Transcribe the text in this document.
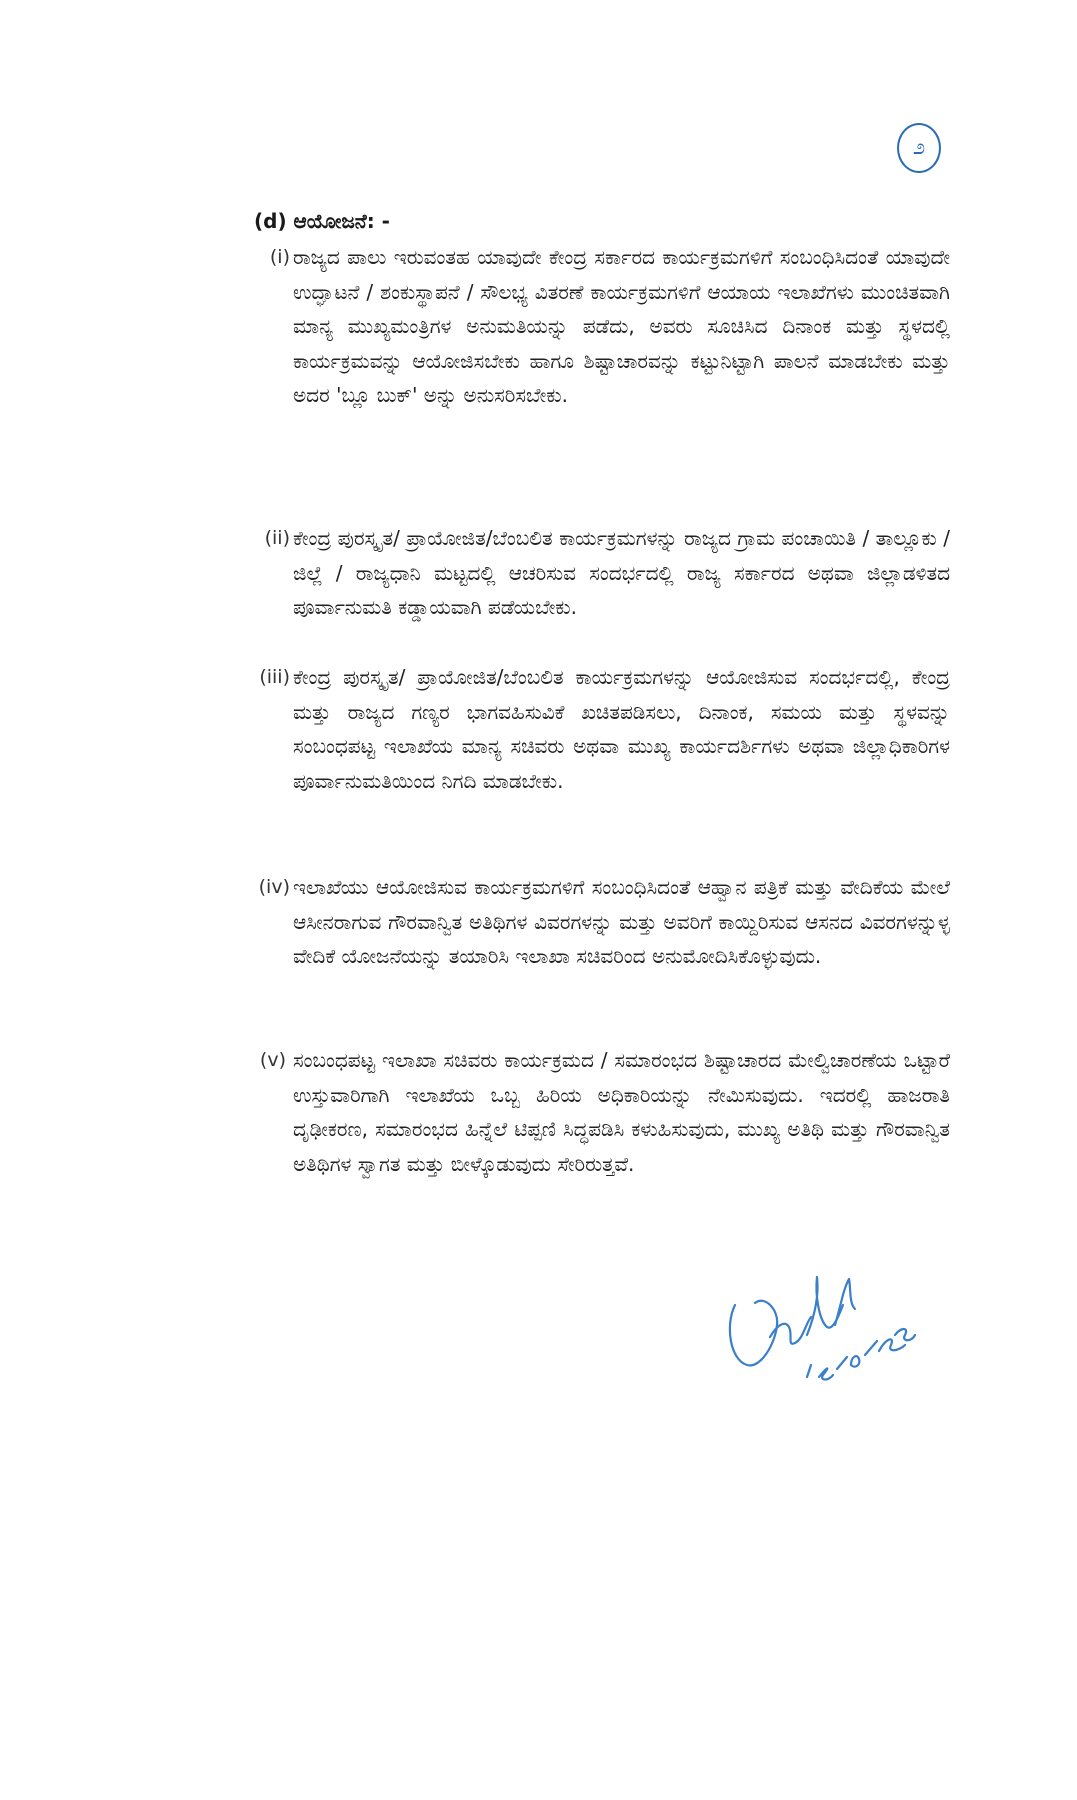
೨
(d) ಆಯೋಜನೆ: -
(i) ರಾಜ್ಯದ ಪಾಲು ಇರುವಂತಹ ಯಾವುದೇ ಕೇಂದ್ರ ಸರ್ಕಾರದ ಕಾರ್ಯಕ್ರಮಗಳಿಗೆ ಸಂಬಂಧಿಸಿದಂತೆ ಯಾವುದೇ ಉದ್ಘಾಟನೆ / ಶಂಕುಸ್ಥಾಪನೆ / ಸೌಲಭ್ಯ ವಿತರಣೆ ಕಾರ್ಯಕ್ರಮಗಳಿಗೆ ಆಯಾಯ ಇಲಾಖೆಗಳು ಮುಂಚಿತವಾಗಿ ಮಾನ್ಯ ಮುಖ್ಯಮಂತ್ರಿಗಳ ಅನುಮತಿಯನ್ನು ಪಡೆದು, ಅವರು ಸೂಚಿಸಿದ ದಿನಾಂಕ ಮತ್ತು ಸ್ಥಳದಲ್ಲಿ ಕಾರ್ಯಕ್ರಮವನ್ನು ಆಯೋಜಿಸಬೇಕು ಹಾಗೂ ಶಿಷ್ಟಾಚಾರವನ್ನು ಕಟ್ಟುನಿಟ್ಟಾಗಿ ಪಾಲನೆ ಮಾಡಬೇಕು ಮತ್ತು ಅದರ 'ಬ್ಲೂ ಬುಕ್' ಅನ್ನು ಅನುಸರಿಸಬೇಕು.
(ii) ಕೇಂದ್ರ ಪುರಸ್ಕೃತ/ ಪ್ರಾಯೋಜಿತ/ಬೆಂಬಲಿತ ಕಾರ್ಯಕ್ರಮಗಳನ್ನು ರಾಜ್ಯದ ಗ್ರಾಮ ಪಂಚಾಯಿತಿ / ತಾಲ್ಲೂಕು / ಜಿಲ್ಲೆ / ರಾಜ್ಯಧಾನಿ ಮಟ್ಟದಲ್ಲಿ ಆಚರಿಸುವ ಸಂದರ್ಭದಲ್ಲಿ ರಾಜ್ಯ ಸರ್ಕಾರದ ಅಥವಾ ಜಿಲ್ಲಾಡಳಿತದ ಪೂರ್ವಾನುಮತಿ ಕಡ್ಡಾಯವಾಗಿ ಪಡೆಯಬೇಕು.
(iii) ಕೇಂದ್ರ ಪುರಸ್ಕೃತ/ ಪ್ರಾಯೋಜಿತ/ಬೆಂಬಲಿತ ಕಾರ್ಯಕ್ರಮಗಳನ್ನು ಆಯೋಜಿಸುವ ಸಂದರ್ಭದಲ್ಲಿ, ಕೇಂದ್ರ ಮತ್ತು ರಾಜ್ಯದ ಗಣ್ಯರ ಭಾಗವಹಿಸುವಿಕೆ ಖಚಿತಪಡಿಸಲು, ದಿನಾಂಕ, ಸಮಯ ಮತ್ತು ಸ್ಥಳವನ್ನು ಸಂಬಂಧಪಟ್ಟ ಇಲಾಖೆಯ ಮಾನ್ಯ ಸಚಿವರು ಅಥವಾ ಮುಖ್ಯ ಕಾರ್ಯದರ್ಶಿಗಳು ಅಥವಾ ಜಿಲ್ಲಾಧಿಕಾರಿಗಳ ಪೂರ್ವಾನುಮತಿಯಿಂದ ನಿಗದಿ ಮಾಡಬೇಕು.
(iv) ಇಲಾಖೆಯು ಆಯೋಜಿಸುವ ಕಾರ್ಯಕ್ರಮಗಳಿಗೆ ಸಂಬಂಧಿಸಿದಂತೆ ಆಹ್ವಾನ ಪತ್ರಿಕೆ ಮತ್ತು ವೇದಿಕೆಯ ಮೇಲೆ ಆಸೀನರಾಗುವ ಗೌರವಾನ್ವಿತ ಅತಿಥಿಗಳ ವಿವರಗಳನ್ನು ಮತ್ತು ಅವರಿಗೆ ಕಾಯ್ದಿರಿಸುವ ಆಸನದ ವಿವರಗಳನ್ನುಳ್ಳ ವೇದಿಕೆ ಯೋಜನೆಯನ್ನು ತಯಾರಿಸಿ ಇಲಾಖಾ ಸಚಿವರಿಂದ ಅನುಮೋದಿಸಿಕೊಳ್ಳುವುದು.
(v) ಸಂಬಂಧಪಟ್ಟ ಇಲಾಖಾ ಸಚಿವರು ಕಾರ್ಯಕ್ರಮದ / ಸಮಾರಂಭದ ಶಿಷ್ಟಾಚಾರದ ಮೇಲ್ವಿಚಾರಣೆಯ ಒಟ್ಟಾರೆ ಉಸ್ತುವಾರಿಗಾಗಿ ಇಲಾಖೆಯ ಒಬ್ಬ ಹಿರಿಯ ಅಧಿಕಾರಿಯನ್ನು ನೇಮಿಸುವುದು. ಇದರಲ್ಲಿ ಹಾಜರಾತಿ ದೃಢೀಕರಣ, ಸಮಾರಂಭದ ಹಿನ್ನೆಲೆ ಟಿಪ್ಪಣಿ ಸಿದ್ಧಪಡಿಸಿ ಕಳುಹಿಸುವುದು, ಮುಖ್ಯ ಅತಿಥಿ ಮತ್ತು ಗೌರವಾನ್ವಿತ ಅತಿಥಿಗಳ ಸ್ವಾಗತ ಮತ್ತು ಬೀಳ್ಕೊಡುವುದು ಸೇರಿರುತ್ತವೆ.
